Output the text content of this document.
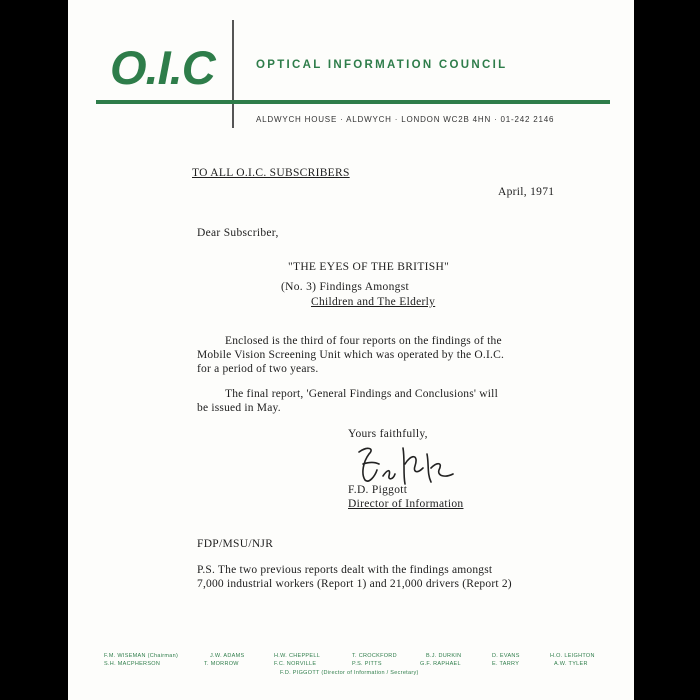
O.I.C	OPTICAL INFORMATION COUNCIL
ALDWYCH HOUSE · ALDWYCH · LONDON WC2B 4HN · 01-242 2146
TO ALL O.I.C. SUBSCRIBERS
April, 1971
Dear Subscriber,
"THE EYES OF THE BRITISH"
(No. 3) Findings Amongst
Children and The Elderly
Enclosed is the third of four reports on the findings of the
Mobile Vision Screening Unit which was operated by the O.I.C.
for a period of two years.
The final report, 'General Findings and Conclusions' will
be issued in May.
Yours faithfully,
F.D. Piggott
Director of Information
FDP/MSU/NJR
P.S. The two previous reports dealt with the findings amongst
7,000 industrial workers (Report 1) and 21,000 drivers (Report 2)
F.M. WISEMAN (Chairman)	J.W. ADAMS	H.W. CHEPPELL	T. CROCKFORD	B.J. DURKIN	D. EVANS	H.O. LEIGHTON
S.H. MACPHERSON	T. MORROW	F.C. NORVILLE	P.S. PITTS	G.F. RAPHAEL	E. TARRY	A.W. TYLER
F.D. PIGGOTT (Director of Information / Secretary)
